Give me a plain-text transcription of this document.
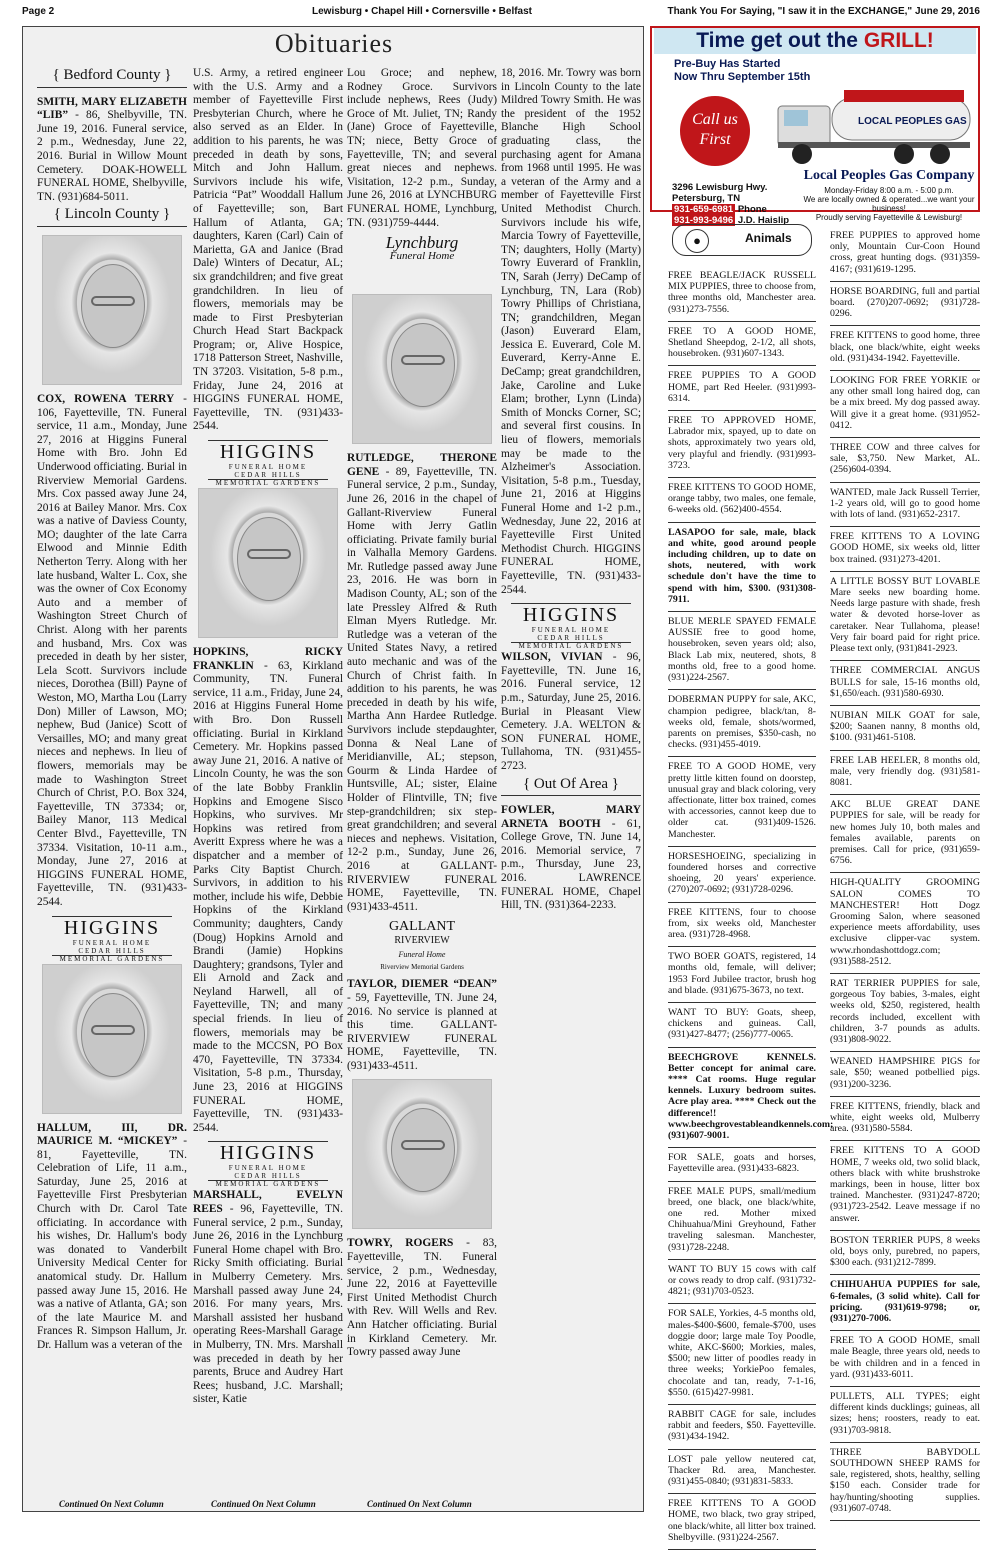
Page 2	Lewisburg • Chapel Hill • Cornersville • Belfast	Thank You For Saying, "I saw it in the EXCHANGE," June 29, 2016
Obituaries
{ Bedford County }

SMITH, MARY ELIZABETH “LIB” - 86, Shelbyville, TN. June 19, 2016. Funeral service, 2 p.m., Wednesday, June 22, 2016. Burial in Willow Mount Cemetery. DOAK-HOWELL FUNERAL HOME, Shelbyville, TN. (931)684-5011.

{ Lincoln County }

COX, ROWENA TERRY - 106, Fayetteville, TN. Funeral service, 11 a.m., Monday, June 27, 2016 at Higgins Funeral Home with Bro. John Ed Underwood officiating. Burial in Riverview Memorial Gardens. Mrs. Cox passed away June 24, 2016 at Bailey Manor. Mrs. Cox was a native of Daviess County, MO; daughter of the late Carra Elwood and Minnie Edith Netherton Terry. Along with her late husband, Walter L. Cox, she was the owner of Cox Economy Auto and a member of Washington Street Church of Christ. Along with her parents and husband, Mrs. Cox was preceded in death by her sister, Lela Scott. Survivors include nieces, Dorothea (Bill) Payne of Weston, MO, Martha Lou (Larry Don) Miller of Lawson, MO; nephew, Bud (Janice) Scott of Versailles, MO; and many great nieces and nephews. In lieu of flowers, memorials may be made to Washington Street Church of Christ, P.O. Box 324, Fayetteville, TN 37334; or, Bailey Manor, 113 Medical Center Blvd., Fayetteville, TN 37334. Visitation, 10-11 a.m., Monday, June 27, 2016 at HIGGINS FUNERAL HOME, Fayetteville, TN. (931)433-2544.

HIGGINS
FUNERAL HOME
CEDAR HILLS MEMORIAL GARDENS

HALLUM, III, DR. MAURICE M. “MICKEY” - 81, Fayetteville, TN. Celebration of Life, 11 a.m., Saturday, June 25, 2016 at Fayetteville First Presbyterian Church with Dr. Carol Tate officiating. In accordance with his wishes, Dr. Hallum's body was donated to Vanderbilt University Medical Center for anatomical study. Dr. Hallum passed away June 15, 2016. He was a native of Atlanta, GA; son of the late Maurice M. and Frances R. Simpson Hallum, Jr. Dr. Hallum was a veteran of the

Continued On Next Column

U.S. Army, a retired engineer with the U.S. Army and a member of Fayetteville First Presbyterian Church, where he also served as an Elder. In addition to his parents, he was preceded in death by sons, Mitch and John Hallum. Survivors include his wife, Patricia “Pat” Wooddall Hallum of Fayetteville; son, Bart Hallum of Atlanta, GA; daughters, Karen (Carl) Cain of Marietta, GA and Janice (Brad Dale) Winters of Decatur, AL; six grandchildren; and five great grandchildren. In lieu of flowers, memorials may be made to First Presbyterian Church Head Start Backpack Program; or, Alive Hospice, 1718 Patterson Street, Nashville, TN 37203. Visitation, 5-8 p.m., Friday, June 24, 2016 at HIGGINS FUNERAL HOME, Fayetteville, TN. (931)433-2544.

HIGGINS
FUNERAL HOME
CEDAR HILLS MEMORIAL GARDENS

HOPKINS, RICKY FRANKLIN - 63, Kirkland Community, TN. Funeral service, 11 a.m., Friday, June 24, 2016 at Higgins Funeral Home with Bro. Don Russell officiating. Burial in Kirkland Cemetery. Mr. Hopkins passed away June 21, 2016. A native of Lincoln County, he was the son of the late Bobby Franklin Hopkins and Emogene Sisco Hopkins, who survives. Mr Hopkins was retired from Averitt Express where he was a dispatcher and a member of Parks City Baptist Church. Survivors, in addition to his mother, include his wife, Debbie Hopkins of the Kirkland Community; daughters, Candy (Doug) Hopkins Arnold and Brandi (Jamie) Hopkins Daughtery; grandsons, Tyler and Eli Arnold and Zack and Neyland Harwell, all of Fayetteville, TN; and many special friends. In lieu of flowers, memorials may be made to the MCCSN, PO Box 470, Fayetteville, TN 37334. Visitation, 5-8 p.m., Thursday, June 23, 2016 at HIGGINS FUNERAL HOME, Fayetteville, TN. (931)433-2544.

HIGGINS
FUNERAL HOME
CEDAR HILLS MEMORIAL GARDENS

MARSHALL, EVELYN REES - 96, Fayetteville, TN. Funeral service, 2 p.m., Sunday, June 26, 2016 in the Lynchburg Funeral Home chapel with Bro. Ricky Smith officiating. Burial in Mulberry Cemetery. Mrs. Marshall passed away June 24, 2016. For many years, Mrs. Marshall assisted her husband operating Rees-Marshall Garage in Mulberry, TN. Mrs. Marshall was preceded in death by her parents, Bruce and Audrey Hart Rees; husband, J.C. Marshall; sister, Katie

Continued On Next Column

Lou Groce; and nephew, Rodney Groce. Survivors include nephews, Rees (Judy) Groce of Mt. Juliet, TN; Randy (Jane) Groce of Fayetteville, TN; niece, Betty Groce of Fayetteville, TN; and several great nieces and nephews. Visitation, 12-2 p.m., Sunday, June 26, 2016 at LYNCHBURG FUNERAL HOME, Lynchburg, TN. (931)759-4444.

Lynchburg
Funeral Home

RUTLEDGE, THERONE GENE - 89, Fayetteville, TN. Funeral service, 2 p.m., Sunday, June 26, 2016 in the chapel of Gallant-Riverview Funeral Home with Jerry Gatlin officiating. Private family burial in Valhalla Memory Gardens. Mr. Rutledge passed away June 23, 2016. He was born in Madison County, AL; son of the late Pressley Alfred & Ruth Elman Myers Rutledge. Mr. Rutledge was a veteran of the United States Navy, a retired auto mechanic and was of the Church of Christ faith. In addition to his parents, he was preceded in death by his wife, Martha Ann Hardee Rutledge. Survivors include stepdaughter, Donna & Neal Lane of Meridianville, AL; stepson, Gourm & Linda Hardee of Huntsville, AL; sister, Elaine Holder of Flintville, TN; five step-grandchildren; six step-great grandchildren; and several nieces and nephews. Visitation, 12-2 p.m., Sunday, June 26, 2016 at GALLANT-RIVERVIEW FUNERAL HOME, Fayetteville, TN. (931)433-4511.

GALLANT
RIVERVIEW
Funeral Home
Riverview Memorial Gardens

TAYLOR, DIEMER “DEAN” - 59, Fayetteville, TN. June 24, 2016. No service is planned at this time. GALLANT-RIVERVIEW FUNERAL HOME, Fayetteville, TN. (931)433-4511.

TOWRY, ROGERS - 83, Fayetteville, TN. Funeral service, 2 p.m., Wednesday, June 22, 2016 at Fayetteville First United Methodist Church with Rev. Will Wells and Rev. Ann Hatcher officiating. Burial in Kirkland Cemetery. Mr. Towry passed away June

Continued On Next Column

18, 2016. Mr. Towry was born in Lincoln County to the late Mildred Towry Smith. He was the president of the 1952 Blanche High School graduating class, the purchasing agent for Amana from 1968 until 1995. He was a veteran of the Army and a member of Fayetteville First United Methodist Church. Survivors include his wife, Marcia Towry of Fayetteville, TN; daughters, Holly (Marty) Towry Euverard of Franklin, TN, Sarah (Jerry) DeCamp of Lynchburg, TN, Lara (Rob) Towry Phillips of Christiana, TN; grandchildren, Megan (Jason) Euverard Elam, Jessica E. Euverard, Cole M. Euverard, Kerry-Anne E. DeCamp; great grandchildren, Jake, Caroline and Luke Elam; brother, Lynn (Linda) Smith of Moncks Corner, SC; and several first cousins. In lieu of flowers, memorials may be made to the Alzheimer's Association. Visitation, 5-8 p.m., Tuesday, June 21, 2016 at Higgins Funeral Home and 1-2 p.m., Wednesday, June 22, 2016 at Fayetteville First United Methodist Church. HIGGINS FUNERAL HOME, Fayetteville, TN. (931)433-2544.

HIGGINS
FUNERAL HOME
CEDAR HILLS MEMORIAL GARDENS

WILSON, VIVIAN - 96, Fayetteville, TN. June 16, 2016. Funeral service, 12 p.m., Saturday, June 25, 2016. Burial in Pleasant View Cemetery. J.A. WELTON & SON FUNERAL HOME, Tullahoma, TN. (931)455-2723.

{ Out Of Area }

FOWLER, MARY ARNETA BOOTH - 61, College Grove, TN. June 14, 2016. Memorial service, 7 p.m., Thursday, June 23, 2016. LAWRENCE FUNERAL HOME, Chapel Hill, TN. (931)364-2233.

Time get out the GRILL!
Pre-Buy Has Started
Now Thru September 15th
Call us First
LOCAL PEOPLES GAS
3296 Lewisburg Hwy.
Petersburg, TN
931-659-6981 Phone
931-993-9496 J.D. Haislip
Local Peoples Gas Company
Monday-Friday 8:00 a.m. - 5:00 p.m.
We are locally owned & operated...we want your business!
Proudly serving Fayetteville & Lewisburg!
●	Animals
FREE BEAGLE/JACK RUSSELL MIX PUPPIES, three to choose from, three months old, Manchester area. (931)273-7556.
FREE TO A GOOD HOME, Shetland Sheepdog, 2-1/2, all shots, housebroken. (931)607-1343.
FREE PUPPIES TO A GOOD HOME, part Red Heeler. (931)993-6314.
FREE TO APPROVED HOME, Labrador mix, spayed, up to date on shots, approximately two years old, very playful and friendly. (931)993-3723.
FREE KITTENS TO GOOD HOME, orange tabby, two males, one female, 6-weeks old. (562)400-4554.
LASAPOO for sale, male, black and white, good around people including children, up to date on shots, neutered, with work schedule don't have the time to spend with him, $300. (931)308-7911.
BLUE MERLE SPAYED FEMALE AUSSIE free to good home, housebroken, seven years old; also, Black Lab mix, neutered, shots, 8 months old, free to a good home. (931)224-2567.
DOBERMAN PUPPY for sale, AKC, champion pedigree, black/tan, 8-weeks old, female, shots/wormed, parents on premises, $350-cash, no checks. (931)455-4019.
FREE TO A GOOD HOME, very pretty little kitten found on doorstep, unusual gray and black coloring, very affectionate, litter box trained, comes with accessories, cannot keep due to older cat. (931)409-1526. Manchester.
HORSESHOEING, specializing in foundered horses and corrective shoeing, 20 years' experience. (270)207-0692; (931)728-0296.
FREE KITTENS, four to choose from, six weeks old, Manchester area. (931)728-4968.
TWO BOER GOATS, registered, 14 months old, female, will deliver; 1953 Ford Jubilee tractor, brush hog and blade. (931)675-3673, no text.
WANT TO BUY: Goats, sheep, chickens and guineas. Call, (931)427-8477; (256)777-0065.
BEECHGROVE KENNELS. Better concept for animal care. **** Cat rooms. Huge regular kennels. Luxury bedroom suites. Acre play area. **** Check out the difference!! www.beechgrovestableandkennels.com; (931)607-9001.
FOR SALE, goats and horses, Fayetteville area. (931)433-6823.
FREE MALE PUPS, small/medium breed, one black, one black/white, one red. Mother mixed Chihuahua/Mini Greyhound, Father traveling salesman. Manchester, (931)728-2248.
WANT TO BUY 15 cows with calf or cows ready to drop calf. (931)732-4821; (931)703-0523.
FOR SALE, Yorkies, 4-5 months old, males-$400-$600, female-$700, uses doggie door; large male Toy Poodle, white, AKC-$600; Morkies, males, $500; new litter of poodles ready in three weeks; YorkiePoo females, chocolate and tan, ready, 7-1-16, $550. (615)427-9981.
RABBIT CAGE for sale, includes rabbit and feeders, $50. Fayetteville. (931)434-1942.
LOST pale yellow neutered cat, Thacker Rd. area, Manchester. (931)455-0840; (931)831-5833.
FREE KITTENS TO A GOOD HOME, two black, two gray striped, one black/white, all litter box trained. Shelbyville. (931)224-2567.
FREE PUPPIES to approved home only, Mountain Cur-Coon Hound cross, great hunting dogs. (931)359-4167; (931)619-1295.
HORSE BOARDING, full and partial board. (270)207-0692; (931)728-0296.
FREE KITTENS to good home, three black, one black/white, eight weeks old. (931)434-1942. Fayetteville.
LOOKING FOR FREE YORKIE or any other small long haired dog, can be a mix breed. My dog passed away. Will give it a great home. (931)952-0412.
THREE COW and three calves for sale, $3,750. New Market, AL. (256)604-0394.
WANTED, male Jack Russell Terrier, 1-2 years old, will go to good home with lots of land. (931)652-2317.
FREE KITTENS TO A LOVING GOOD HOME, six weeks old, litter box trained. (931)273-4201.
A LITTLE BOSSY BUT LOVABLE Mare seeks new boarding home. Needs large pasture with shade, fresh water & devoted horse-lover as caretaker. Near Tullahoma, please! Very fair board paid for right price. Please text only, (931)841-2923.
THREE COMMERCIAL ANGUS BULLS for sale, 15-16 months old, $1,650/each. (931)580-6930.
NUBIAN MILK GOAT for sale, $200; Saanen nanny, 8 months old, $100. (931)461-5108.
FREE LAB HEELER, 8 months old, male, very friendly dog. (931)581-8081.
AKC BLUE GREAT DANE PUPPIES for sale, will be ready for new homes July 10, both males and females available, parents on premises. Call for price, (931)659-6756.
HIGH-QUALITY GROOMING SALON COMES TO MANCHESTER! Hott Dogz Grooming Salon, where seasoned experience meets affordability, uses exclusive clipper-vac system. www.rhondashottdogz.com; (931)588-2512.
RAT TERRIER PUPPIES for sale, gorgeous Toy babies, 3-males, eight weeks old, $250, registered, health records included, excellent with children, 3-7 pounds as adults. (931)808-9022.
WEANED HAMPSHIRE PIGS for sale, $50; weaned potbellied pigs. (931)200-3236.
FREE KITTENS, friendly, black and white, eight weeks old, Mulberry area. (931)580-5584.
FREE KITTENS TO A GOOD HOME, 7 weeks old, two solid black, others black with white brushstroke markings, been in house, litter box trained. Manchester. (931)247-8720; (931)723-2542. Leave message if no answer.
BOSTON TERRIER PUPS, 8 weeks old, boys only, purebred, no papers, $300 each. (931)212-7899.
CHIHUAHUA PUPPIES for sale, 6-females, (3 solid white). Call for pricing. (931)619-9798; or, (931)270-7006.
FREE TO A GOOD HOME, small male Beagle, three years old, needs to be with children and in a fenced in yard. (931)433-6011.
PULLETS, ALL TYPES; eight different kinds ducklings; guineas, all sizes; hens; roosters, ready to eat. (931)703-9818.
THREE BABYDOLL SOUTHDOWN SHEEP RAMS for sale, registered, shots, healthy, selling $150 each. Consider trade for hay/hunting/shooting supplies. (931)607-0748.
